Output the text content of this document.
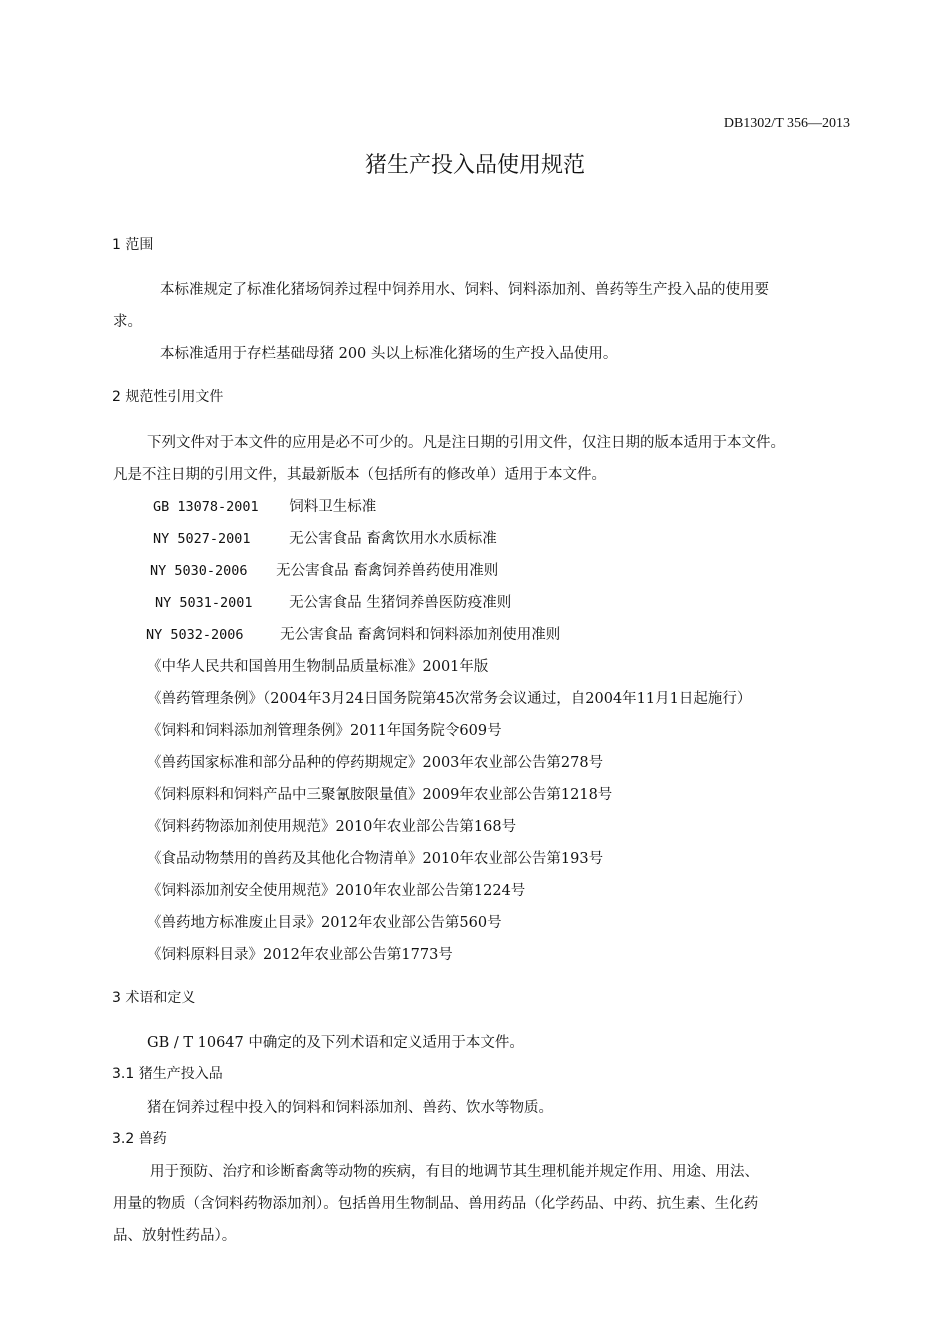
DB1302/T 356—2013
猪生产投入品使用规范
1 范围
本标准规定了标准化猪场饲养过程中饲养用水、饲料、饲料添加剂、兽药等生产投入品的使用要
求。
本标准适用于存栏基础母猪 200 头以上标准化猪场的生产投入品使用。
2 规范性引用文件
下列文件对于本文件的应用是必不可少的。凡是注日期的引用文件，仅注日期的版本适用于本文件。
凡是不注日期的引用文件，其最新版本（包括所有的修改单）适用于本文件。
GB 13078-2001 饲料卫生标准
NY 5027-2001	无公害食品 畜禽饮用水水质标准
NY 5030-2006 无公害食品 畜禽饲养兽药使用准则
NY 5031-2001	无公害食品 生猪饲养兽医防疫准则
NY 5032-2006	无公害食品 畜禽饲料和饲料添加剂使用准则
《中华人民共和国兽用生物制品质量标准》2001年版
《兽药管理条例》（2004年3月24日国务院第45次常务会议通过，自2004年11月1日起施行）
《饲料和饲料添加剂管理条例》2011年国务院令609号
《兽药国家标准和部分品种的停药期规定》2003年农业部公告第278号
《饲料原料和饲料产品中三聚氰胺限量值》2009年农业部公告第1218号
《饲料药物添加剂使用规范》2010年农业部公告第168号
《食品动物禁用的兽药及其他化合物清单》2010年农业部公告第193号
《饲料添加剂安全使用规范》2010年农业部公告第1224号
《兽药地方标准废止目录》2012年农业部公告第560号
《饲料原料目录》2012年农业部公告第1773号
3 术语和定义
GB / T 10647 中确定的及下列术语和定义适用于本文件。
3.1 猪生产投入品
猪在饲养过程中投入的饲料和饲料添加剂、兽药、饮水等物质。
3.2 兽药
用于预防、治疗和诊断畜禽等动物的疾病，有目的地调节其生理机能并规定作用、用途、用法、
用量的物质（含饲料药物添加剂）。包括兽用生物制品、兽用药品（化学药品、中药、抗生素、生化药
品、放射性药品）。
